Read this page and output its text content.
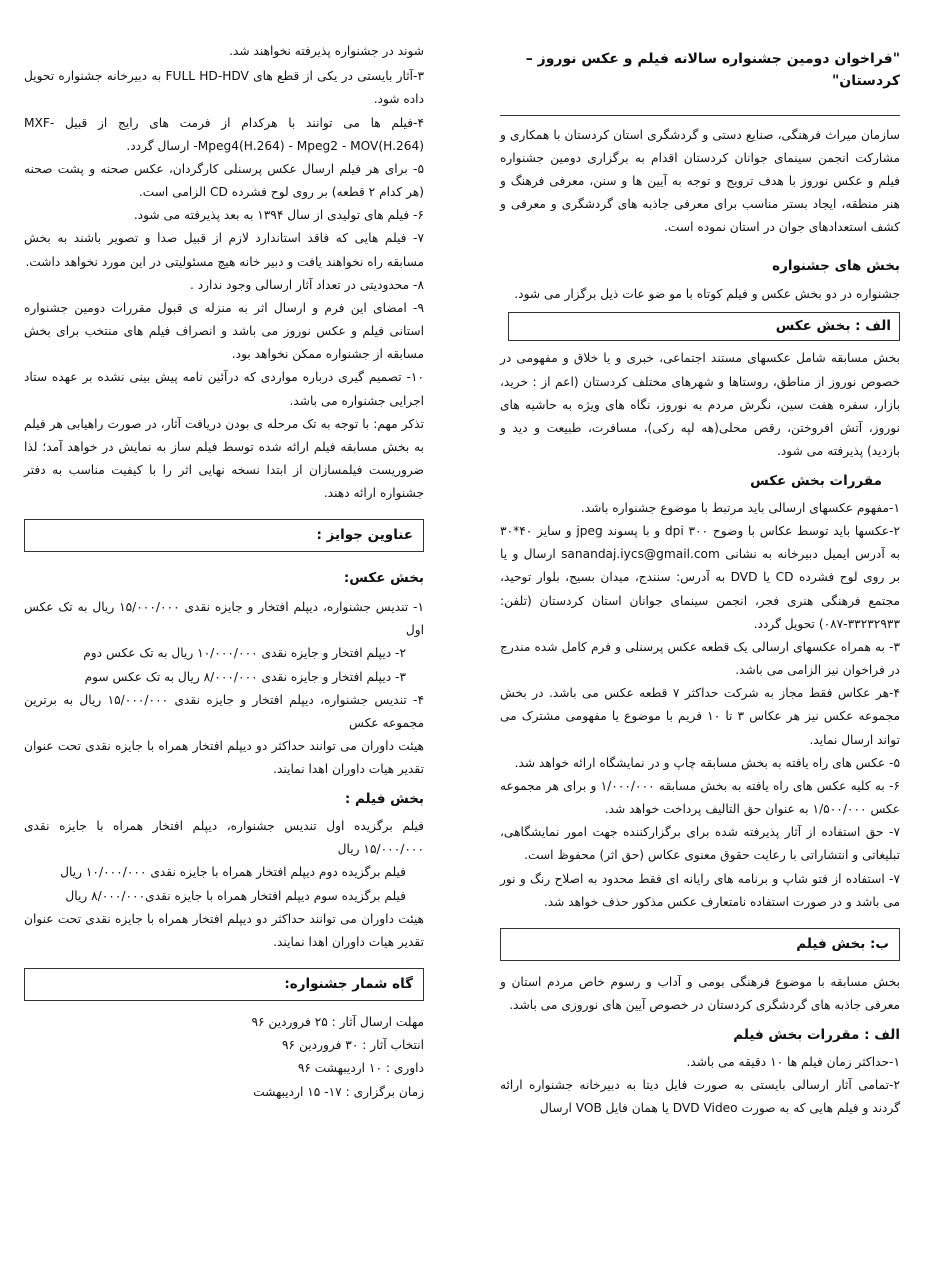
"فراخوان دومین جشنواره سالانه فیلم و عکس نوروز –کردستان"
سازمان میراث فرهنگی، صنایع دستی و گردشگری استان کردستان با همکاری و مشارکت انجمن سینمای جوانان کردستان اقدام به برگزاری دومین جشنواره فیلم و عکس نوروز با هدف ترویج و توجه به آیین ها و سنن، معرفی فرهنگ و هنر منطقه، ایجاد بستر مناسب برای معرفی جاذبه های گردشگری و معرفی و کشف استعدادهای جوان در استان نموده است.
بخش های جشنواره
جشنواره در دو بخش عکس و فیلم کوتاه با مو ضو عات ذیل برگزار می شود.
الف : بخش عکس
بخش مسابقه شامل عکسهای مستند اجتماعی، خبری و یا خلاق و مفهومی در خصوص نوروز از مناطق، روستاها و شهرهای مختلف کردستان (اعم از : خرید، بازار، سفره هفت سین، نگرش مردم به نوروز، نگاه های ویژه به حاشیه های نوروز، آتش افروختن، رقص محلی(هه لپه رکی)، مسافرت، طبیعت و دید و بازدید) پذیرفته می شود.
مقررات بخش عکس
۱-مفهوم عکسهای ارسالی باید مرتبط با موضوع جشنواره باشد.
۲-عکسها باید توسط عکاس با وضوح ۳۰۰ dpi و با پسوند jpeg و سایز ۴۰*۳۰ به آدرس ایمیل دبیرخانه به نشانی sanandaj.iycs@gmail.com ارسال و یا بر روی لوح فشرده CD یا DVD به آدرس: سنندج، میدان بسیج، بلوار توحید، مجتمع فرهنگی هنری فجر، انجمن سینمای جوانان استان کردستان (تلفن: ۳۳۲۳۲۹۳۳-۰۸۷) تحویل گردد.
۳- به همراه عکسهای ارسالی یک قطعه عکس پرسنلی و فرم کامل شده مندرج در فراخوان نیز الزامی می باشد.
۴-هر عکاس فقط مجاز به شرکت حداکثر ۷ قطعه عکس می باشد. در بخش مجموعه عکس نیز هر عکاس ۳ تا ۱۰ فریم با موضوع یا مفهومی مشترک می تواند ارسال نماید.
۵- عکس های راه یافته به بخش مسابقه چاپ و در نمایشگاه ارائه خواهد شد.
۶- به کلیه عکس های راه یافته به بخش مسابقه ۱/۰۰۰/۰۰۰ و برای هر مجموعه عکس ۱/۵۰۰/۰۰۰ به عنوان حق التالیف پرداخت خواهد شد.
۷- حق استفاده از آثار پذیرفته شده برای برگزارکننده جهت امور نمایشگاهی، تبلیغاتی و انتشاراتی با رعایت حقوق معنوی عکاس (حق اثر) محفوظ است.
۷- استفاده از فتو شاپ و برنامه های رایانه ای فقط محدود به اصلاح رنگ و نور می باشد و در صورت استفاده نامتعارف عکس مذکور حذف خواهد شد.
ب: بخش فیلم
بخش مسابقه با موضوع فرهنگی بومی و آداب و رسوم خاص مردم استان و معرفی جاذبه های گردشگری کردستان در خصوص آیین های نوروزی می باشد.
الف : مقررات بخش فیلم
۱-حداکثر زمان فیلم ها ۱۰ دقیقه می باشد.
۲-تمامی آثار ارسالی بایستی به صورت فایل دیتا به دبیرخانه جشنواره ارائه گردند و فیلم هایی که به صورت DVD Video یا همان فایل VOB ارسال
شوند در جشنواره پذیرفته نخواهند شد.
۳-آثار بایستی در یکی از قطع های FULL HD-HDV به دبیرخانه جشنواره تحویل داده شود.
۴-فیلم ها می توانند با هرکدام از فرمت های رایج از قبیل MXF-Mpeg4(H.264) - Mpeg2 - MOV(H.264)- ارسال گردد.
۵- برای هر فیلم ارسال عکس پرسنلی کارگردان، عکس صحنه و پشت صحنه (هر کدام ۲ قطعه) بر روی لوح فشرده CD الزامی است.
۶- فیلم های تولیدی از سال ۱۳۹۴ به بعد پذیرفته می شود.
۷- فیلم هایی که فاقد استاندارد لازم از قبیل صدا و تصویر باشند به بخش مسابقه راه نخواهند یافت و دبیر خانه هیچ مسئولیتی در این مورد نخواهد داشت.
۸- محدودیتی در تعداد آثار ارسالی وجود ندارد .
۹- امضای این فرم و ارسال اثر به منزله ی قبول مقررات دومین جشنواره استانی فیلم و عکس نوروز می باشد و انصراف فیلم های منتخب برای بخش مسابقه از جشنواره ممکن نخواهد بود.
۱۰- تصمیم گیری درباره مواردی که درآئین نامه پیش بینی نشده بر عهده ستاد اجرایی جشنواره می باشد.
تذکر مهم: با توجه به تک مرحله ی بودن دریافت آثار، در صورت راهیابی هر فیلم به بخش مسابقه فیلم ارائه شده توسط فیلم ساز به نمایش در خواهد آمد؛ لذا ضروریست فیلمسازان از ابتدا نسخه نهایی اثر را با کیفیت مناسب به دفتر جشنواره ارائه دهند.
عناوین جوایز :
بخش عکس:
۱- تندیس جشنواره، دیپلم افتخار و جایزه نقدی ۱۵/۰۰۰/۰۰۰ ریال به تک عکس اول
۲- دیپلم افتخار و جایزه نقدی ۱۰/۰۰۰/۰۰۰ ریال به تک عکس دوم
۳- دیپلم افتخار و جایزه نقدی ۸/۰۰۰/۰۰۰ ریال به تک عکس سوم
۴- تندیس جشنواره، دیپلم افتخار و جایزه نقدی ۱۵/۰۰۰/۰۰۰ ریال به برترین مجموعه عکس
هیئت داوران می توانند حداکثر دو دیپلم افتخار همراه با جایزه نقدی تحت عنوان تقدیر هیات داوران اهدا نمایند.
بخش فیلم :
فیلم برگزیده اول تندیس جشنواره، دیپلم افتخار همراه با جایزه نقدی ۱۵/۰۰۰/۰۰۰ ریال
فیلم برگزیده دوم دیپلم افتخار همراه با جایزه نقدی ۱۰/۰۰۰/۰۰۰ ریال
فیلم برگزیده سوم دیپلم افتخار همراه با جایزه نقدی۸/۰۰۰/۰۰۰ ریال
هیئت داوران می توانند حداکثر دو دیپلم افتخار همراه با جایزه نقدی تحت عنوان تقدیر هیات داوران اهدا نمایند.
گاه شمار جشنواره:
مهلت ارسال آثار : ۲۵ فروردین ۹۶
انتخاب آثار : ۳۰ فروردین ۹۶
داوری : ۱۰ اردیبهشت ۹۶
زمان برگزاری : ۱۷- ۱۵ اردیبهشت
